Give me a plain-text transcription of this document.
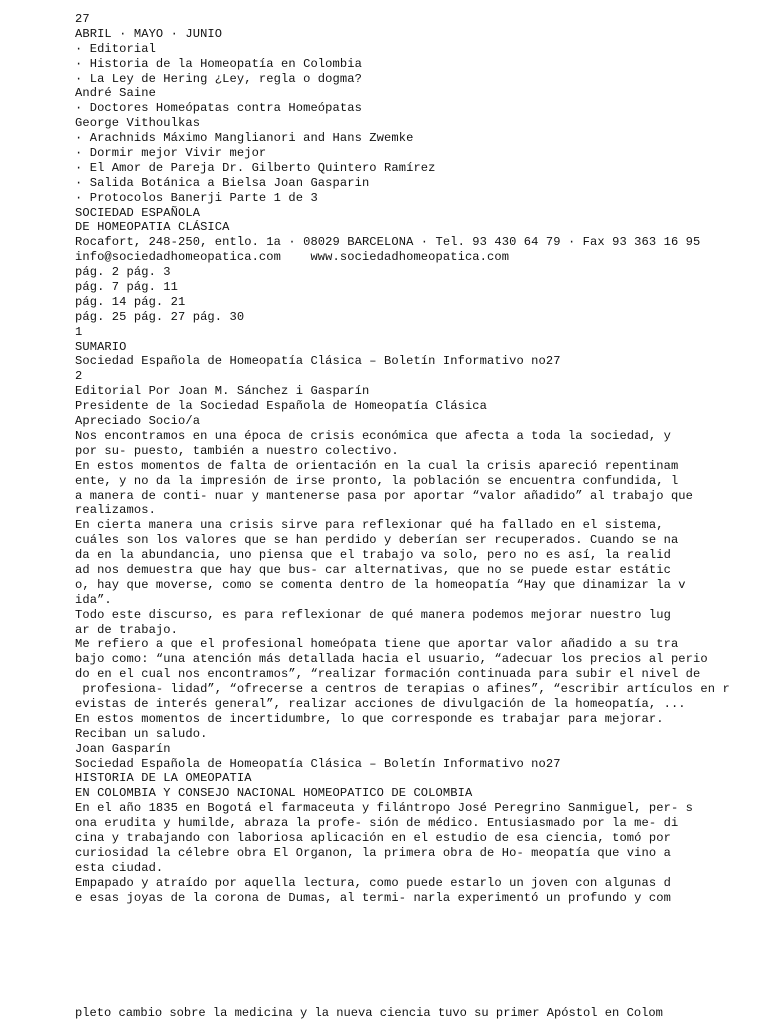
27
ABRIL · MAYO · JUNIO
· Editorial
· Historia de la Homeopatía en Colombia
· La Ley de Hering ¿Ley, regla o dogma?
André Saine
· Doctores Homeópatas contra Homeópatas
George Vithoulkas
· Arachnids Máximo Manglianori and Hans Zwemke
· Dormir mejor Vivir mejor
· El Amor de Pareja Dr. Gilberto Quintero Ramírez
· Salida Botánica a Bielsa Joan Gasparin
· Protocolos Banerji Parte 1 de 3
SOCIEDAD ESPAÑOLA
DE HOMEOPATIA CLÁSICA
Rocafort, 248-250, entlo. 1a · 08029 BARCELONA · Tel. 93 430 64 79 · Fax 93 363 16 95
info@sociedadhomeopatica.com    www.sociedadhomeopatica.com
pág. 2 pág. 3
pág. 7 pág. 11
pág. 14 pág. 21
pág. 25 pág. 27 pág. 30
1
SUMARIO
Sociedad Española de Homeopatía Clásica – Boletín Informativo no27
2
Editorial Por Joan M. Sánchez i Gasparín
Presidente de la Sociedad Española de Homeopatía Clásica
Apreciado Socio/a
Nos encontramos en una época de crisis económica que afecta a toda la sociedad, y
por su- puesto, también a nuestro colectivo.
En estos momentos de falta de orientación en la cual la crisis apareció repentinam
ente, y no da la impresión de irse pronto, la población se encuentra confundida, l
a manera de conti- nuar y mantenerse pasa por aportar “valor añadido” al trabajo que
realizamos.
En cierta manera una crisis sirve para reflexionar qué ha fallado en el sistema,
cuáles son los valores que se han perdido y deberían ser recuperados. Cuando se na
da en la abundancia, uno piensa que el trabajo va solo, pero no es así, la realid
ad nos demuestra que hay que bus- car alternativas, que no se puede estar estátic
o, hay que moverse, como se comenta dentro de la homeopatía “Hay que dinamizar la v
ida”.
Todo este discurso, es para reflexionar de qué manera podemos mejorar nuestro lug
ar de trabajo.
Me refiero a que el profesional homeópata tiene que aportar valor añadido a su tra
bajo como: “una atención más detallada hacia el usuario, “adecuar los precios al perio
do en el cual nos encontramos”, “realizar formación continuada para subir el nivel de
profesiona- lidad”, “ofrecerse a centros de terapias o afines”, “escribir artículos en r
evistas de interés general”, realizar acciones de divulgación de la homeopatía, ...
En estos momentos de incertidumbre, lo que corresponde es trabajar para mejorar.
Reciban un saludo.
Joan Gasparín
Sociedad Española de Homeopatía Clásica – Boletín Informativo no27
HISTORIA DE LA OMEOPATIA
EN COLOMBIA Y CONSEJO NACIONAL HOMEOPATICO DE COLOMBIA
En el año 1835 en Bogotá el farmaceuta y filántropo José Peregrino Sanmiguel, per- s
ona erudita y humilde, abraza la profe- sión de médico. Entusiasmado por la me- di
cina y trabajando con laboriosa aplicación en el estudio de esa ciencia, tomó por
curiosidad la célebre obra El Organon, la primera obra de Ho- meopatía que vino a
esta ciudad.
Empapado y atraído por aquella lectura, como puede estarlo un joven con algunas d
e esas joyas de la corona de Dumas, al termi- narla experimentó un profundo y com
pleto cambio sobre la medicina y la nueva ciencia tuvo su primer Apóstol en Colom
